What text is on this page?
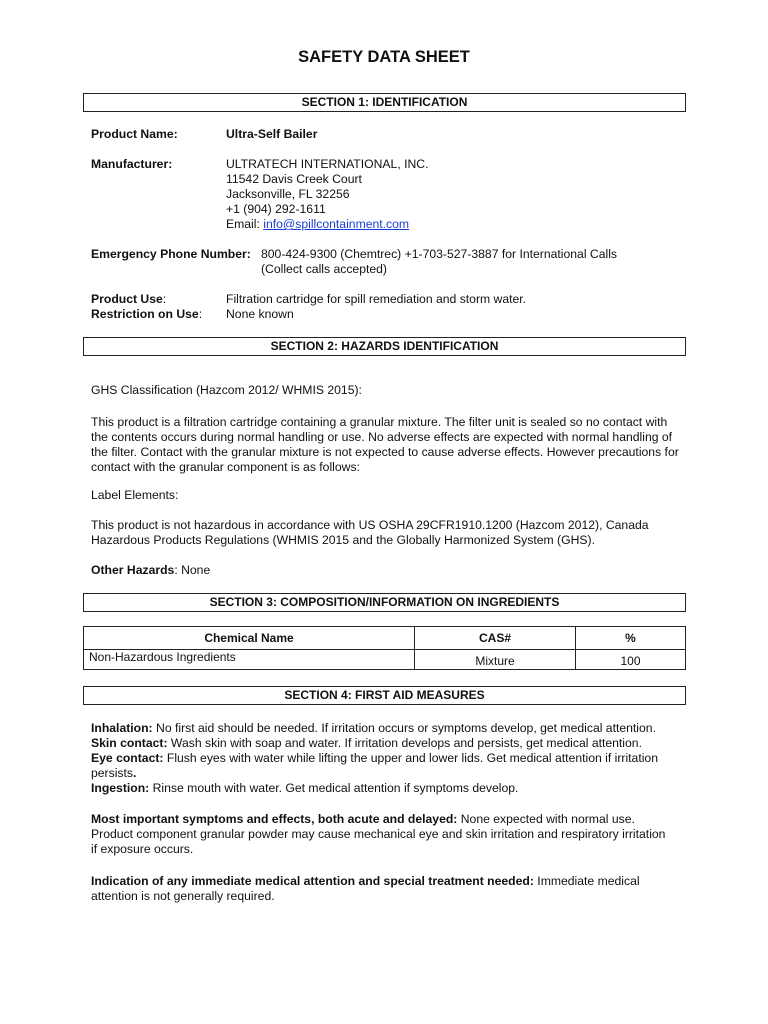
SAFETY DATA SHEET
SECTION 1: IDENTIFICATION
Product Name:	Ultra-Self Bailer
Manufacturer:	ULTRATECH INTERNATIONAL, INC.
11542 Davis Creek Court
Jacksonville, FL 32256
+1 (904) 292-1611
Email: info@spillcontainment.com
Emergency Phone Number: 800-424-9300 (Chemtrec) +1-703-527-3887 for International Calls
(Collect calls accepted)
Product Use:	Filtration cartridge for spill remediation and storm water.
Restriction on Use: None known
SECTION 2: HAZARDS IDENTIFICATION
GHS Classification (Hazcom 2012/ WHMIS 2015):

This product is a filtration cartridge containing a granular mixture. The filter unit is sealed so no contact with the contents occurs during normal handling or use. No adverse effects are expected with normal handling of the filter. Contact with the granular mixture is not expected to cause adverse effects. However precautions for contact with the granular component is as follows:

Label Elements:

This product is not hazardous in accordance with US OSHA 29CFR1910.1200 (Hazcom 2012), Canada Hazardous Products Regulations (WHMIS 2015 and the Globally Harmonized System (GHS).

Other Hazards: None
SECTION 3: COMPOSITION/INFORMATION ON INGREDIENTS
Chemical Name	CAS#	%
Non-Hazardous Ingredients	Mixture	100
SECTION 4: FIRST AID MEASURES

Inhalation: No first aid should be needed. If irritation occurs or symptoms develop, get medical attention.
Skin contact: Wash skin with soap and water. If irritation develops and persists, get medical attention.
Eye contact: Flush eyes with water while lifting the upper and lower lids. Get medical attention if irritation persists.
Ingestion: Rinse mouth with water. Get medical attention if symptoms develop.

Most important symptoms and effects, both acute and delayed: None expected with normal use. Product component granular powder may cause mechanical eye and skin irritation and respiratory irritation if exposure occurs.

Indication of any immediate medical attention and special treatment needed: Immediate medical attention is not generally required.
